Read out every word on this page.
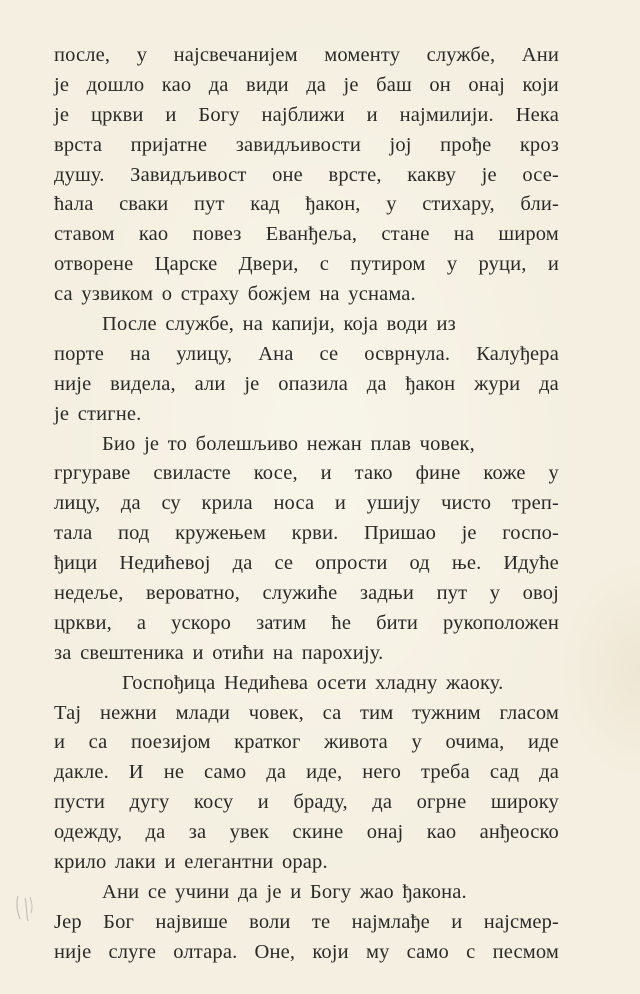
после, у најсвечанијем моменту службе, Ани
је дошло као да види да је баш он онај који
је цркви и Богу најближи и најмилији. Нека
врста пријатне завидљивости јој прође кроз
душу. Завидљивост оне врсте, какву је осе-
ћала сваки пут кад ђакон, у стихару, бли-
ставом као повез Еванђеља, стане на широм
отворене Царске Двери, с путиром у руци, и
са узвиком о страху божјем на уснама.
После службе, на капији, која води из
порте на улицу, Ана се осврнула. Калуђера
није видела, али је опазила да ђакон жури да
је стигне.
Био је то болешљиво нежан плав човек,
гргураве свиласте косе, и тако фине коже у
лицу, да су крила носа и ушију чисто треп-
тала под кружењем крви. Пришао је госпо-
ђици Недићевој да се опрости од ње. Идуће
недеље, вероватно, служиће задњи пут у овој
цркви, а ускоро затим ће бити рукоположен
за свештеника и отићи на парохију.
Госпођица Недићева осети хладну жаоку.
Тај нежни млади човек, са тим тужним гласом
и са поезијом кратког живота у очима, иде
дакле. И не само да иде, него треба сад да
пусти дугу косу и браду, да огрне широку
одежду, да за увек скине онај као анђеоско
крило лаки и елегантни орар.
Ани се учини да је и Богу жао ђакона.
Јер Бог највише воли те најмлађе и најсмер-
није слуге олтара. Оне, који му само с песмом
